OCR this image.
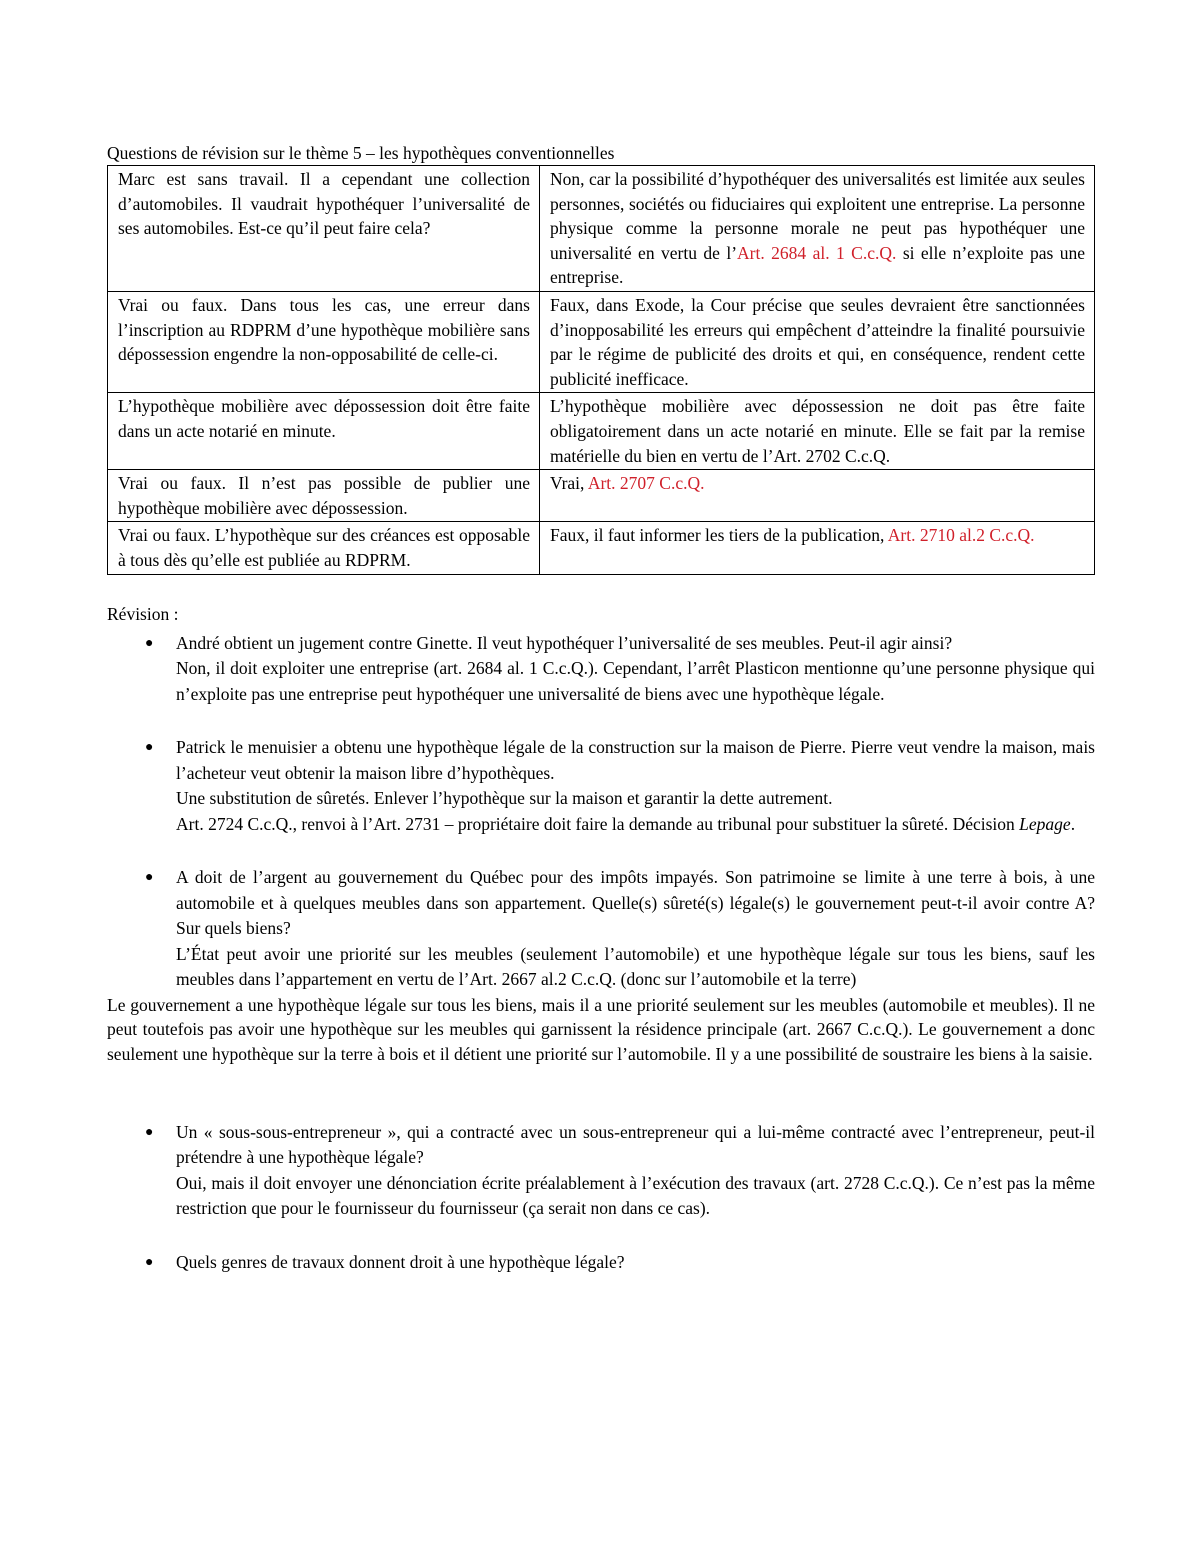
Questions de révision sur le thème 5 – les hypothèques conventionnelles

Marc est sans travail. Il a cependant une collection d’automobiles. Il vaudrait hypothéquer l’universalité de ses automobiles. Est-ce qu’il peut faire cela?	Non, car la possibilité d’hypothéquer des universalités est limitée aux seules personnes, sociétés ou fiduciaires qui exploitent une entreprise. La personne physique comme la personne morale ne peut pas hypothéquer une universalité en vertu de l’Art. 2684 al. 1 C.c.Q. si elle n’exploite pas une entreprise.
Vrai ou faux. Dans tous les cas, une erreur dans l’inscription au RDPRM d’une hypothèque mobilière sans dépossession engendre la non-opposabilité de celle-ci.	Faux, dans Exode, la Cour précise que seules devraient être sanctionnées d’inopposabilité les erreurs qui empêchent d’atteindre la finalité poursuivie par le régime de publicité des droits et qui, en conséquence, rendent cette publicité inefficace.
L’hypothèque mobilière avec dépossession doit être faite dans un acte notarié en minute.	L’hypothèque mobilière avec dépossession ne doit pas être faite obligatoirement dans un acte notarié en minute. Elle se fait par la remise matérielle du bien en vertu de l’Art. 2702 C.c.Q.
Vrai ou faux. Il n’est pas possible de publier une hypothèque mobilière avec dépossession.	Vrai, Art. 2707 C.c.Q.
Vrai ou faux. L’hypothèque sur des créances est opposable à tous dès qu’elle est publiée au RDPRM.	Faux, il faut informer les tiers de la publication, Art. 2710 al.2 C.c.Q.

Révision :

● André obtient un jugement contre Ginette. Il veut hypothéquer l’universalité de ses meubles. Peut-il agir ainsi?
Non, il doit exploiter une entreprise (art. 2684 al. 1 C.c.Q.). Cependant, l’arrêt Plasticon mentionne qu’une personne physique qui n’exploite pas une entreprise peut hypothéquer une universalité de biens avec une hypothèque légale.
● Patrick le menuisier a obtenu une hypothèque légale de la construction sur la maison de Pierre. Pierre veut vendre la maison, mais l’acheteur veut obtenir la maison libre d’hypothèques.
Une substitution de sûretés. Enlever l’hypothèque sur la maison et garantir la dette autrement.
Art. 2724 C.c.Q., renvoi à l’Art. 2731 – propriétaire doit faire la demande au tribunal pour substituer la sûreté. Décision Lepage.
● A doit de l’argent au gouvernement du Québec pour des impôts impayés. Son patrimoine se limite à une terre à bois, à une automobile et à quelques meubles dans son appartement. Quelle(s) sûreté(s) légale(s) le gouvernement peut-t-il avoir contre A? Sur quels biens?
L’État peut avoir une priorité sur les meubles (seulement l’automobile) et une hypothèque légale sur tous les biens, sauf les meubles dans l’appartement en vertu de l’Art. 2667 al.2 C.c.Q. (donc sur l’automobile et la terre)

Le gouvernement a une hypothèque légale sur tous les biens, mais il a une priorité seulement sur les meubles (automobile et meubles). Il ne peut toutefois pas avoir une hypothèque sur les meubles qui garnissent la résidence principale (art. 2667 C.c.Q.). Le gouvernement a donc seulement une hypothèque sur la terre à bois et il détient une priorité sur l’automobile. Il y a une possibilité de soustraire les biens à la saisie.

● Un « sous-sous-entrepreneur », qui a contracté avec un sous-entrepreneur qui a lui-même contracté avec l’entrepreneur, peut-il prétendre à une hypothèque légale?
Oui, mais il doit envoyer une dénonciation écrite préalablement à l’exécution des travaux (art. 2728 C.c.Q.). Ce n’est pas la même restriction que pour le fournisseur du fournisseur (ça serait non dans ce cas).
● Quels genres de travaux donnent droit à une hypothèque légale?
